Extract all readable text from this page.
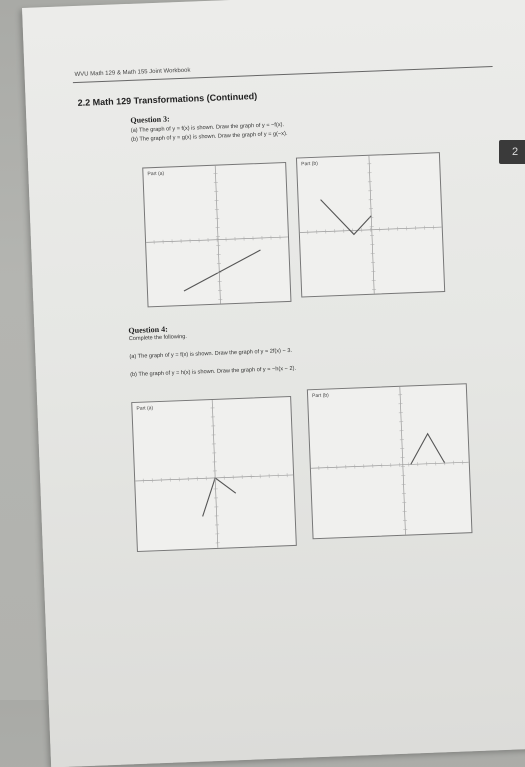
WVU Math 129 & Math 155 Joint Workbook
2.2 Math 129 Transformations (Continued)
Question 3:
(a) The graph of y = f(x) is shown. Draw the graph of y = −f(x).
(b) The graph of y = g(x) is shown. Draw the graph of y = g(−x).
Part (a)
Part (b)
Question 4:
Complete the following.
(a) The graph of y = f(x) is shown. Draw the graph of y = 2f(x) − 3.
(b) The graph of y = h(x) is shown. Draw the graph of y = −h(x − 2).
Part (a)
Part (b)
2
